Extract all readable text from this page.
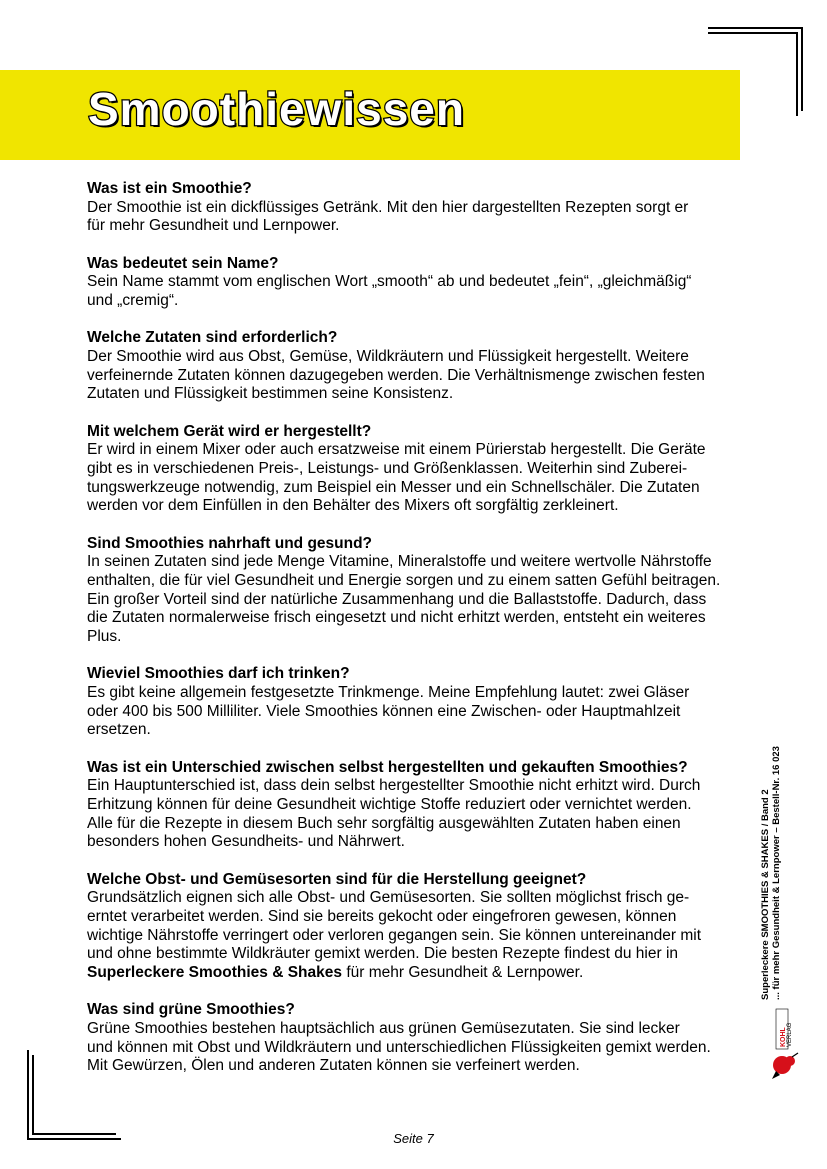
Smoothiewissen

Was ist ein Smoothie?

Der Smoothie ist ein dickflüssiges Getränk. Mit den hier dargestellten Rezepten sorgt er
für mehr Gesundheit und Lernpower.

Was bedeutet sein Name?

Sein Name stammt vom englischen Wort „smooth“ ab und bedeutet „fein“, „gleichmäßig“
und „cremig“.

Welche Zutaten sind erforderlich?

Der Smoothie wird aus Obst, Gemüse, Wildkräutern und Flüssigkeit hergestellt. Weitere
verfeinernde Zutaten können dazugegeben werden. Die Verhältnismenge zwischen festen
Zutaten und Flüssigkeit bestimmen seine Konsistenz.

Mit welchem Gerät wird er hergestellt?

Er wird in einem Mixer oder auch ersatzweise mit einem Pürierstab hergestellt. Die Geräte
gibt es in verschiedenen Preis-, Leistungs- und Größenklassen. Weiterhin sind Zuberei-
tungswerkzeuge notwendig, zum Beispiel ein Messer und ein Schnellschäler. Die Zutaten
werden vor dem Einfüllen in den Behälter des Mixers oft sorgfältig zerkleinert.

Sind Smoothies nahrhaft und gesund?

In seinen Zutaten sind jede Menge Vitamine, Mineralstoffe und weitere wertvolle Nährstoffe
enthalten, die für viel Gesundheit und Energie sorgen und zu einem satten Gefühl beitragen.
Ein großer Vorteil sind der natürliche Zusammenhang und die Ballaststoffe. Dadurch, dass
die Zutaten normalerweise frisch eingesetzt und nicht erhitzt werden, entsteht ein weiteres
Plus.

Wieviel Smoothies darf ich trinken?

Es gibt keine allgemein festgesetzte Trinkmenge. Meine Empfehlung lautet: zwei Gläser
oder 400 bis 500 Milliliter. Viele Smoothies können eine Zwischen- oder Hauptmahlzeit
ersetzen.

Was ist ein Unterschied zwischen selbst hergestellten und gekauften Smoothies?

Ein Hauptunterschied ist, dass dein selbst hergestellter Smoothie nicht erhitzt wird. Durch
Erhitzung können für deine Gesundheit wichtige Stoffe reduziert oder vernichtet werden.
Alle für die Rezepte in diesem Buch sehr sorgfältig ausgewählten Zutaten haben einen
besonders hohen Gesundheits- und Nährwert.

Welche Obst- und Gemüsesorten sind für die Herstellung geeignet?

Grundsätzlich eignen sich alle Obst- und Gemüsesorten. Sie sollten möglichst frisch ge-
erntet verarbeitet werden. Sind sie bereits gekocht oder eingefroren gewesen, können
wichtige Nährstoffe verringert oder verloren gegangen sein. Sie können untereinander mit
und ohne bestimmte Wildkräuter gemixt werden. Die besten Rezepte findest du hier in
Superleckere Smoothies & Shakes für mehr Gesundheit & Lernpower.

Was sind grüne Smoothies?

Grüne Smoothies bestehen hauptsächlich aus grünen Gemüsezutaten. Sie sind lecker
und können mit Obst und Wildkräutern und unterschiedlichen Flüssigkeiten gemixt werden.
Mit Gewürzen, Ölen und anderen Zutaten können sie verfeinert werden.
Superleckere SMOOTHIES & SHAKES / Band 2 ... für mehr Gesundheit & Lernpower – Bestell-Nr. 16 023
KOHL VERLAG
Seite 7
